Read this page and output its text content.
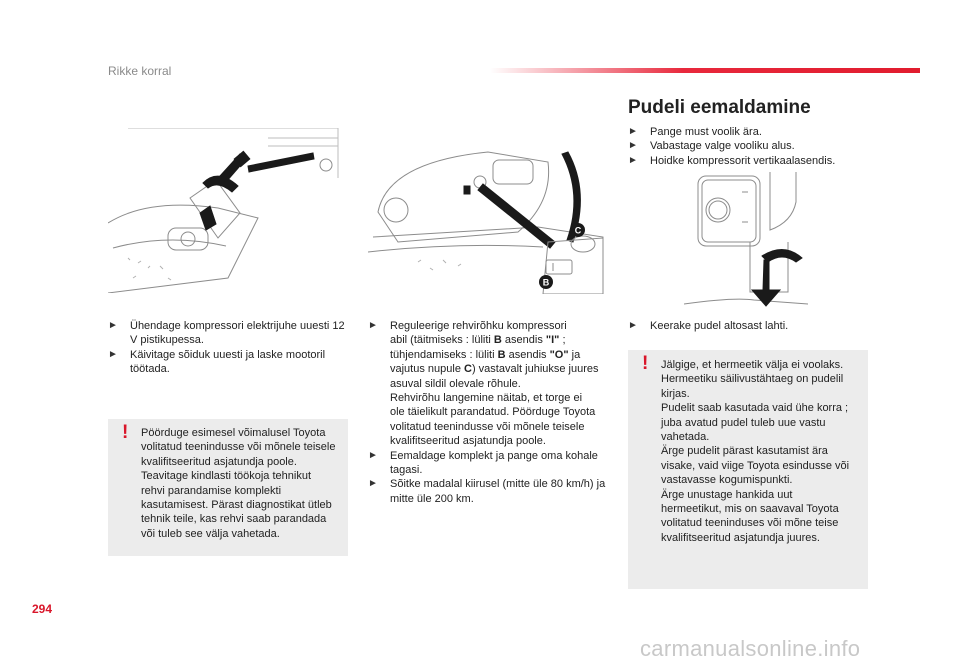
Rikke korral
C
B
Pudeli eemaldamine
► Pange must voolik ära.
► Vabastage valge vooliku alus.
► Hoidke kompressorit vertikaalasendis.
► Keerake pudel altosast lahti.
! Jälgige, et hermeetik välja ei voolaks.
Hermeetiku säilivustähtaeg on pudelil
kirjas.
Pudelit saab kasutada vaid ühe korra ;
juba avatud pudel tuleb uue vastu
vahetada.
Ärge pudelit pärast kasutamist ära
visake, vaid viige Toyota esindusse või
vastavasse kogumispunkti.
Ärge unustage hankida uut
hermeetikut, mis on saavaval Toyota
volitatud teeninduses või mõne teise
kvalifitseeritud asjatundja juures.
► Ühendage kompressori elektrijuhe uuesti 12 V pistikupessa.
► Käivitage sõiduk uuesti ja laske mootoril töötada.
! Pöörduge esimesel võimalusel Toyota
volitatud teenindusse või mõnele teisele
kvalifitseeritud asjatundja poole.
Teavitage kindlasti töökoja tehnikut
rehvi parandamise komplekti
kasutamisest. Pärast diagnostikat ütleb
tehnik teile, kas rehvi saab parandada
või tuleb see välja vahetada.
► Reguleerige rehvirõhku kompressori
abil (täitmiseks : lüliti B asendis "I" ;
tühjendamiseks : lüliti B asendis "O" ja
vajutus nupule C) vastavalt juhiukse juures
asuval sildil olevale rõhule.
Rehvirõhu langemine näitab, et torge ei
ole täielikult parandatud. Pöörduge Toyota
volitatud teenindusse või mõnele teisele
kvalifitseeritud asjatundja poole.
► Eemaldage komplekt ja pange oma kohale tagasi.
► Sõitke madalal kiirusel (mitte üle 80 km/h) ja mitte üle 200 km.
294
carmanualsonline.info
